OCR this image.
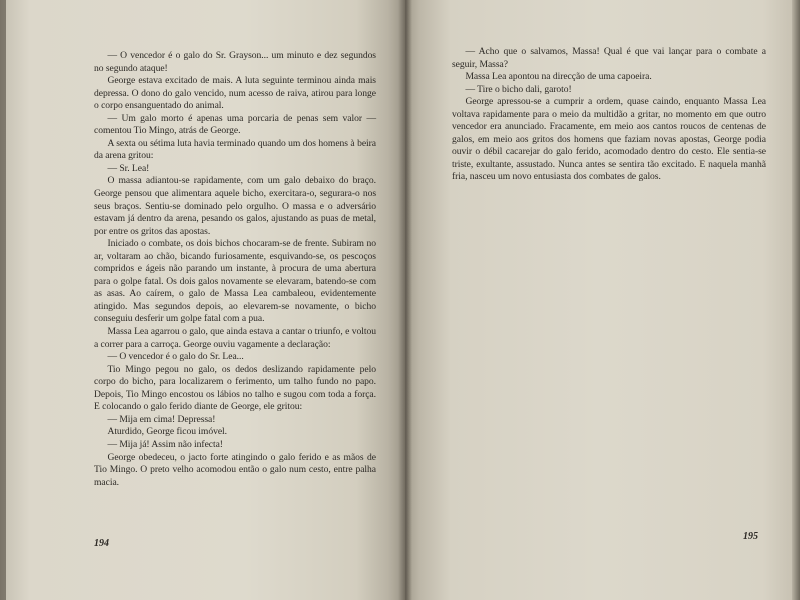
— O vencedor é o galo do Sr. Grayson... um minuto e dez segundos no segundo ataque!

George estava excitado de mais. A luta seguinte terminou ainda mais depressa. O dono do galo vencido, num acesso de raiva, atirou para longe o corpo ensanguentado do animal.

— Um galo morto é apenas uma porcaria de penas sem valor — comentou Tio Mingo, atrás de George.

A sexta ou sétima luta havia terminado quando um dos homens à beira da arena gritou:

— Sr. Lea!

O massa adiantou-se rapidamente, com um galo debaixo do braço. George pensou que alimentara aquele bicho, exercitara-o, segurara-o nos seus braços. Sentiu-se dominado pelo orgulho. O massa e o adversário estavam já dentro da arena, pesando os galos, ajustando as puas de metal, por entre os gritos das apostas.

Iniciado o combate, os dois bichos chocaram-se de frente. Subiram no ar, voltaram ao chão, bicando furiosamente, esquivando-se, os pescoços compridos e ágeis não parando um instante, à procura de uma abertura para o golpe fatal. Os dois galos novamente se elevaram, batendo-se com as asas. Ao caírem, o galo de Massa Lea cambaleou, evidentemente atingido. Mas segundos depois, ao elevarem-se novamente, o bicho conseguiu desferir um golpe fatal com a pua.

Massa Lea agarrou o galo, que ainda estava a cantar o triunfo, e voltou a correr para a carroça. George ouviu vagamente a declaração:

— O vencedor é o galo do Sr. Lea...

Tio Mingo pegou no galo, os dedos deslizando rapidamente pelo corpo do bicho, para localizarem o ferimento, um talho fundo no papo. Depois, Tio Mingo encostou os lábios no talho e sugou com toda a força. E colocando o galo ferido diante de George, ele gritou:

— Mija em cima! Depressa!

Aturdido, George ficou imóvel.

— Mija já! Assim não infecta!

George obedeceu, o jacto forte atingindo o galo ferido e as mãos de Tio Mingo. O preto velho acomodou então o galo num cesto, entre palha macia.

194

— Acho que o salvamos, Massa! Qual é que vai lançar para o combate a seguir, Massa?

Massa Lea apontou na direcção de uma capoeira.

— Tire o bicho dali, garoto!

George apressou-se a cumprir a ordem, quase caindo, enquanto Massa Lea voltava rapidamente para o meio da multidão a gritar, no momento em que outro vencedor era anunciado. Fracamente, em meio aos cantos roucos de centenas de galos, em meio aos gritos dos homens que faziam novas apostas, George podia ouvir o débil cacarejar do galo ferido, acomodado dentro do cesto. Ele sentia-se triste, exultante, assustado. Nunca antes se sentira tão excitado. E naquela manhã fria, nasceu um novo entusiasta dos combates de galos.

195
